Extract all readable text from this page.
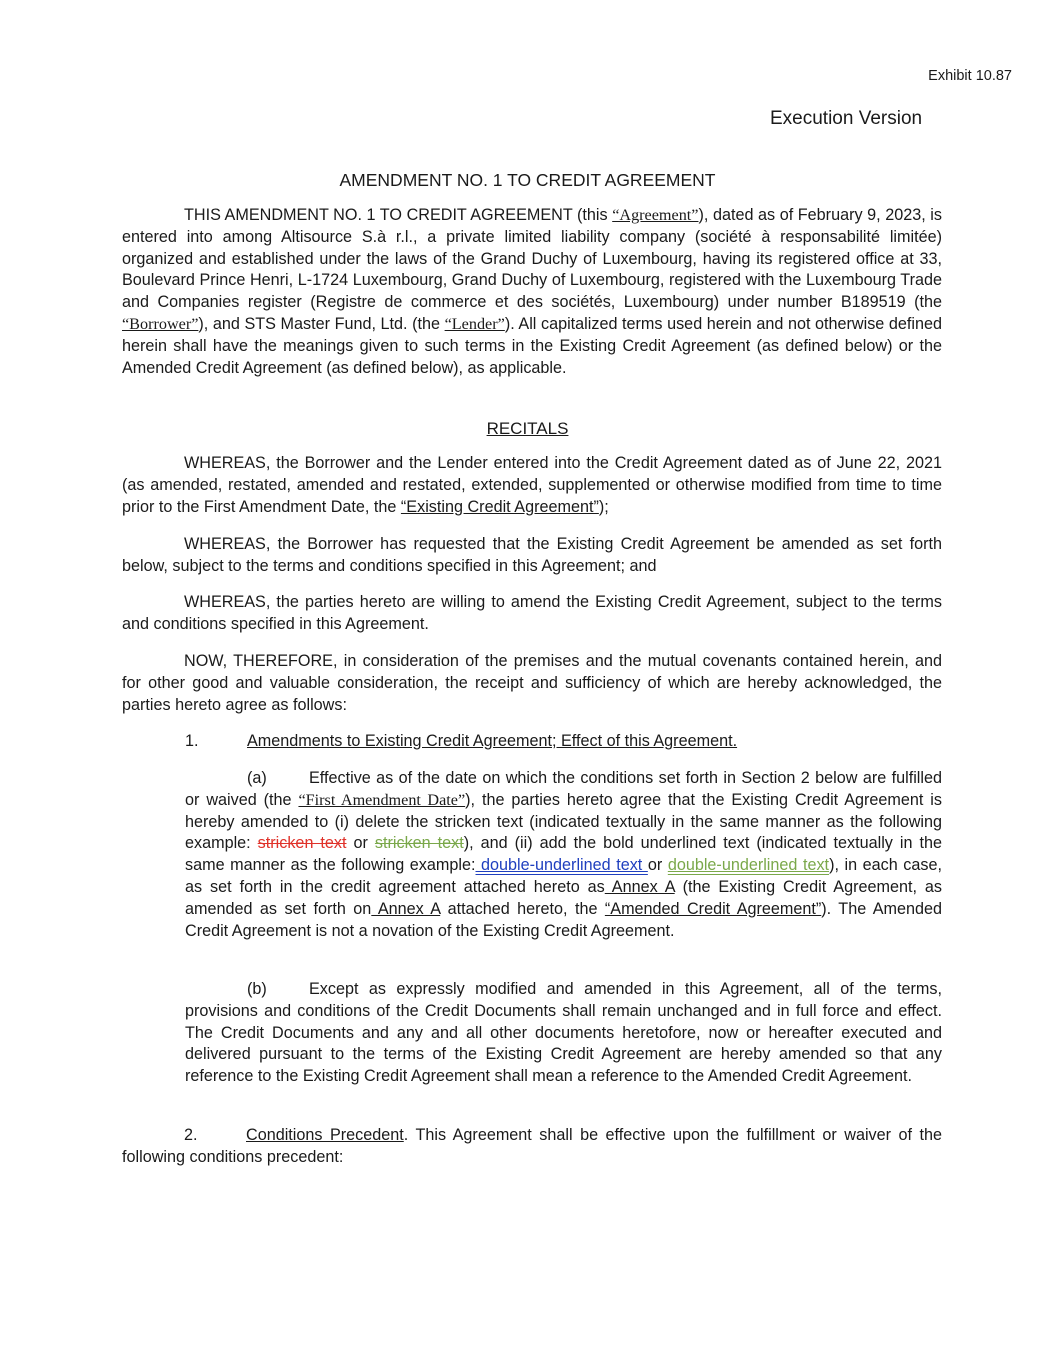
Exhibit 10.87
Execution Version
AMENDMENT NO. 1 TO CREDIT AGREEMENT

THIS AMENDMENT NO. 1 TO CREDIT AGREEMENT (this “Agreement”), dated as of February 9, 2023, is entered into among Altisource S.à r.l., a private limited liability company (société à responsabilité limitée) organized and established under the laws of the Grand Duchy of Luxembourg, having its registered office at 33, Boulevard Prince Henri, L-1724 Luxembourg, Grand Duchy of Luxembourg, registered with the Luxembourg Trade and Companies register (Registre de commerce et des sociétés, Luxembourg) under number B189519 (the “Borrower”), and STS Master Fund, Ltd. (the “Lender”). All capitalized terms used herein and not otherwise defined herein shall have the meanings given to such terms in the Existing Credit Agreement (as defined below) or the Amended Credit Agreement (as defined below), as applicable.

RECITALS

WHEREAS, the Borrower and the Lender entered into the Credit Agreement dated as of June 22, 2021 (as amended, restated, amended and restated, extended, supplemented or otherwise modified from time to time prior to the First Amendment Date, the “Existing Credit Agreement”);

WHEREAS, the Borrower has requested that the Existing Credit Agreement be amended as set forth below, subject to the terms and conditions specified in this Agreement; and

WHEREAS, the parties hereto are willing to amend the Existing Credit Agreement, subject to the terms and conditions specified in this Agreement.

NOW, THEREFORE, in consideration of the premises and the mutual covenants contained herein, and for other good and valuable consideration, the receipt and sufficiency of which are hereby acknowledged, the parties hereto agree as follows:

1.	Amendments to Existing Credit Agreement; Effect of this Agreement.

(a)	Effective as of the date on which the conditions set forth in Section 2 below are fulfilled or waived (the “First Amendment Date”), the parties hereto agree that the Existing Credit Agreement is hereby amended to (i) delete the stricken text (indicated textually in the same manner as the following example: stricken text or stricken text), and (ii) add the bold underlined text (indicated textually in the same manner as the following example: double-underlined text or double-underlined text), in each case, as set forth in the credit agreement attached hereto as Annex A (the Existing Credit Agreement, as amended as set forth on Annex A attached hereto, the “Amended Credit Agreement”). The Amended Credit Agreement is not a novation of the Existing Credit Agreement.

(b)	Except as expressly modified and amended in this Agreement, all of the terms, provisions and conditions of the Credit Documents shall remain unchanged and in full force and effect. The Credit Documents and any and all other documents heretofore, now or hereafter executed and delivered pursuant to the terms of the Existing Credit Agreement are hereby amended so that any reference to the Existing Credit Agreement shall mean a reference to the Amended Credit Agreement.

2.	Conditions Precedent. This Agreement shall be effective upon the fulfillment or waiver of the following conditions precedent:
